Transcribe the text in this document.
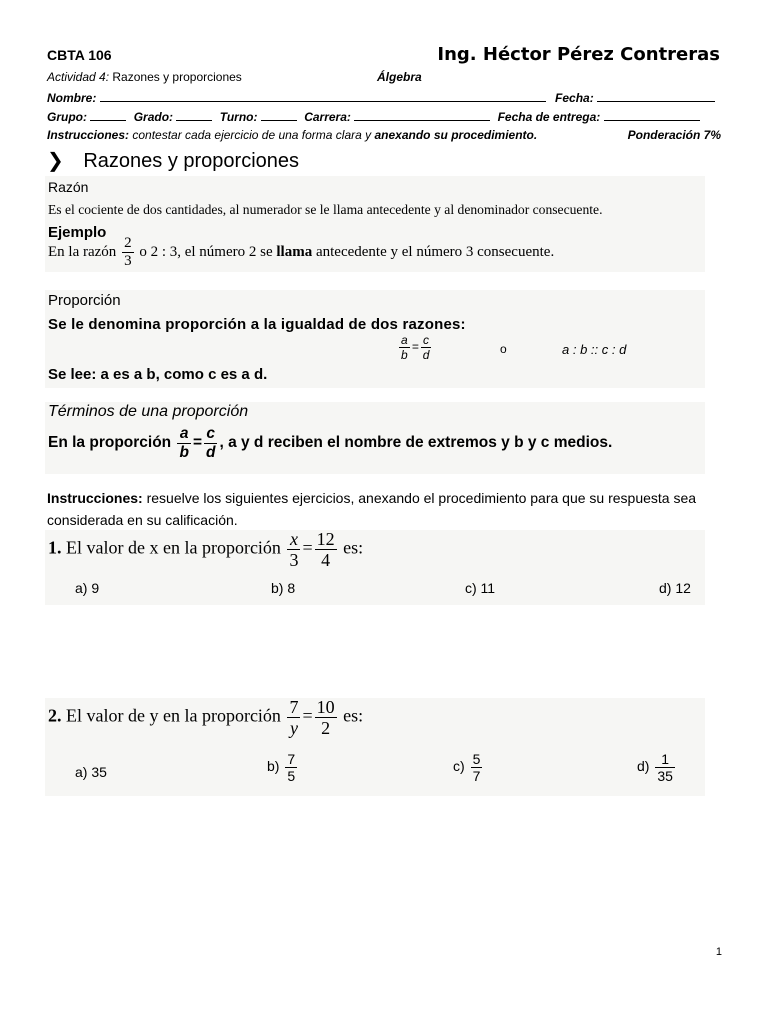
CBTA 106	Ing. Héctor Pérez Contreras
Actividad 4: Razones y proporciones	Álgebra
Nombre:	Fecha:
Grupo:	Grado:	Turno:	Carrera:	Fecha de entrega:
Instrucciones: contestar cada ejercicio de una forma clara y anexando su procedimiento.	Ponderación 7%
❯ Razones y proporciones
Razón
Es el cociente de dos cantidades, al numerador se le llama antecedente y al denominador consecuente.
Ejemplo
En la razón $\frac{2}{3}$ o 2 : 3, el número 2 se llama antecedente y el número 3 consecuente.
Proporción
Se le denomina proporción a la igualdad de dos razones:
$\frac{a}{b} = \frac{c}{d}$	o	a : b :: c : d
Se lee: a es a b, como c es a d.
Términos de una proporción
En la proporción $\frac{a}{b} = \frac{c}{d}$ , a y d reciben el nombre de extremos y b y c medios.
Instrucciones: resuelve los siguientes ejercicios, anexando el procedimiento para que su respuesta sea considerada en su calificación.
1. El valor de x en la proporción $\frac{x}{3} = \frac{12}{4}$ es:
a) 9	b) 8	c) 11	d) 12
2. El valor de y en la proporción $\frac{7}{y} = \frac{10}{2}$ es:
a) 35	$b) \frac{7}{5}$	$c) \frac{5}{7}$	$d) \frac{1}{35}$
1
